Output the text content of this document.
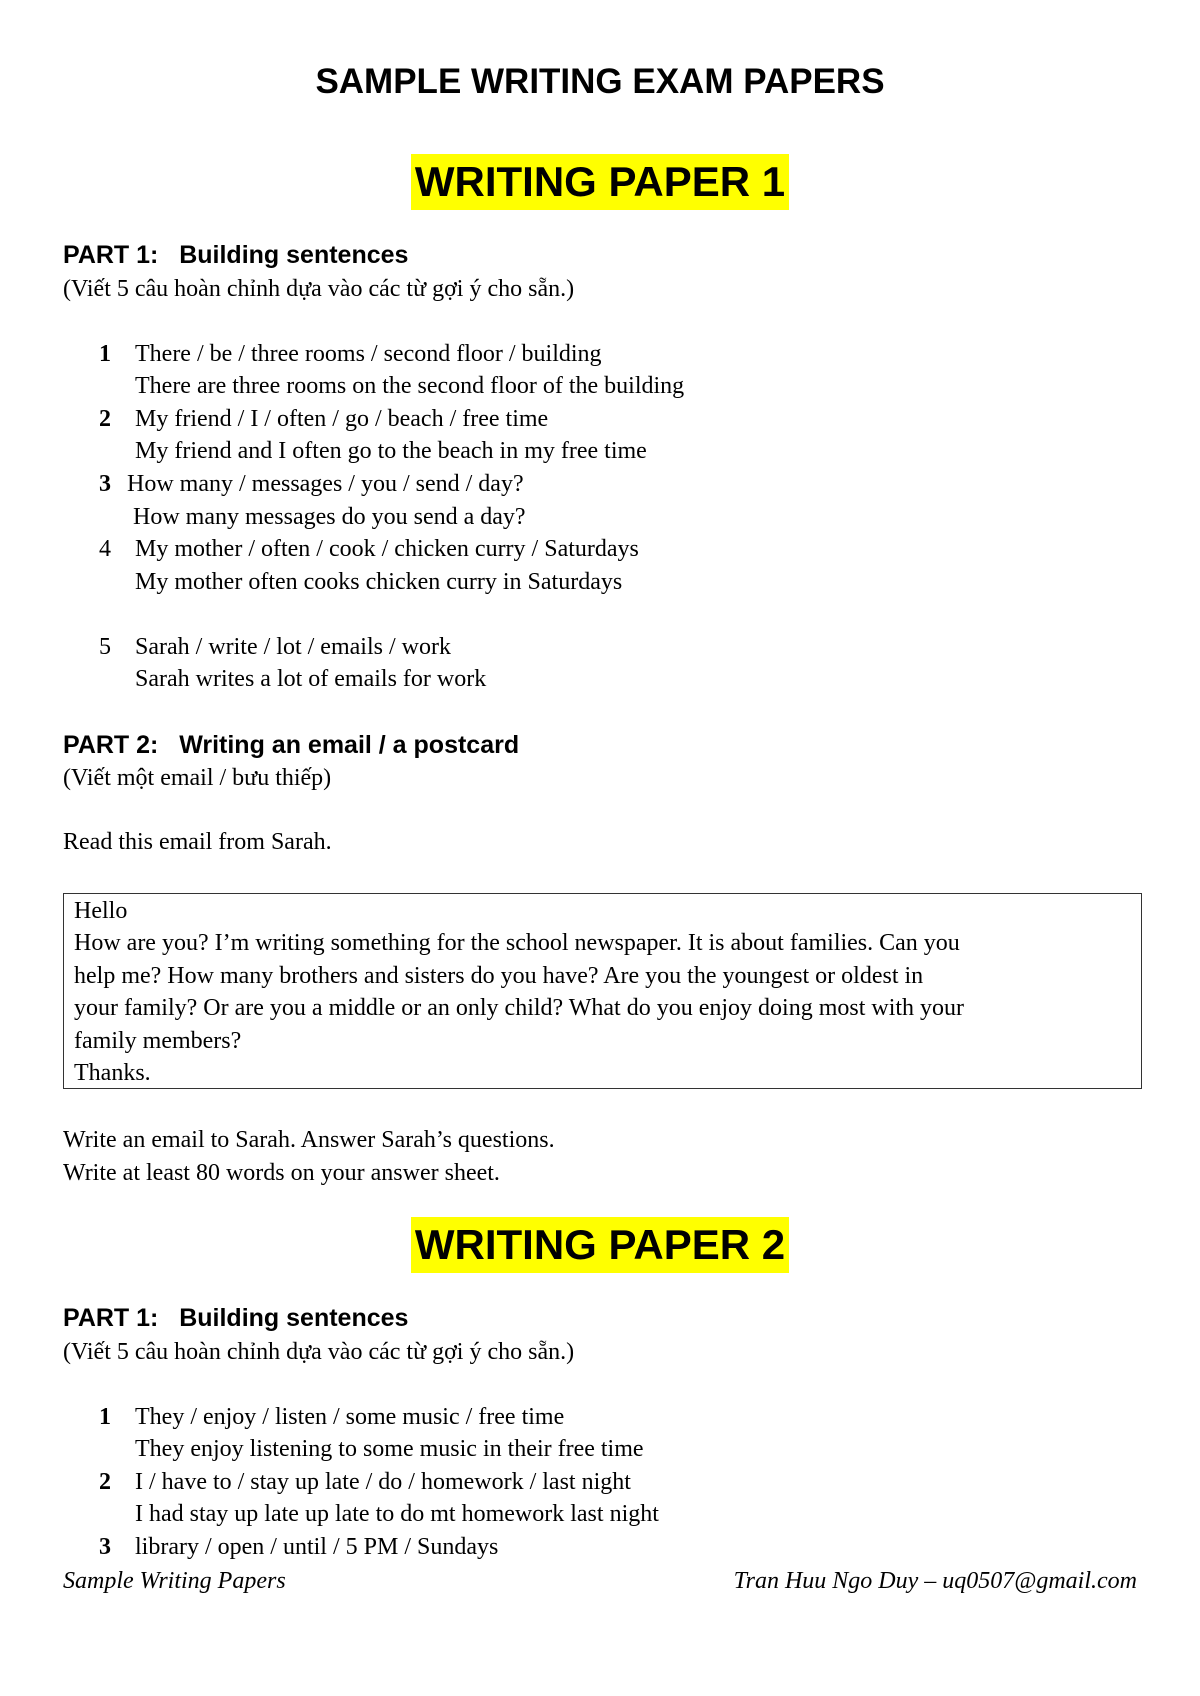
SAMPLE WRITING EXAM PAPERS
WRITING PAPER 1
PART 1:   Building sentences
(Viết 5 câu hoàn chỉnh dựa vào các từ gợi ý cho sẵn.)
1 There / be / three rooms / second floor / building
There are three rooms on the second floor of the building
2 My friend / I / often / go / beach / free time
My friend and I often go to the beach in my free time
3 How many / messages / you / send / day?
How many messages do you send a day?
4 My mother / often / cook / chicken curry / Saturdays
My mother often cooks chicken curry in Saturdays
5 Sarah / write / lot / emails / work
Sarah writes a lot of emails for work
PART 2:   Writing an email / a postcard
(Viết một email / bưu thiếp)
Read this email from Sarah.
Hello
How are you? I’m writing something for the school newspaper. It is about families. Can you
help me? How many brothers and sisters do you have? Are you the youngest or oldest in
your family? Or are you a middle or an only child? What do you enjoy doing most with your
family members?
Thanks.
Write an email to Sarah. Answer Sarah’s questions.
Write at least 80 words on your answer sheet.
WRITING PAPER 2
PART 1:   Building sentences
(Viết 5 câu hoàn chỉnh dựa vào các từ gợi ý cho sẵn.)
1 They / enjoy / listen / some music / free time
They enjoy listening to some music in their free time
2 I / have to / stay up late / do / homework / last night
I had stay up late up late to do mt homework last night
3 library / open / until / 5 PM / Sundays
Sample Writing Papers	Tran Huu Ngo Duy – uq0507@gmail.com
